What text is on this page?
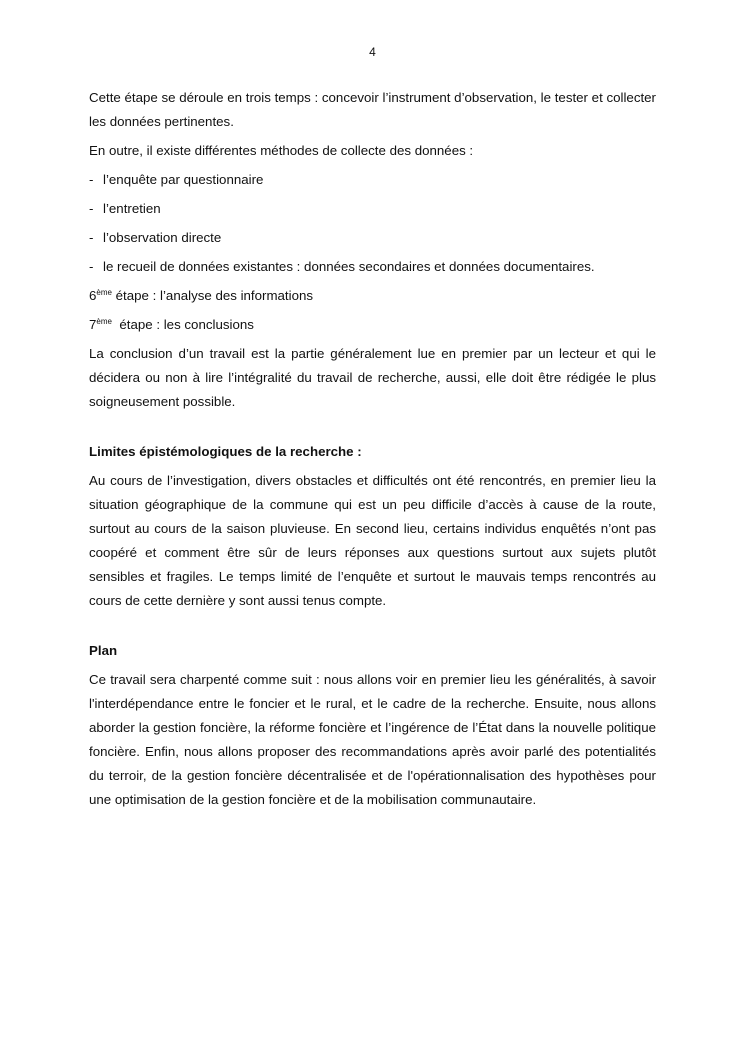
4

Cette étape se déroule en trois temps : concevoir l’instrument d’observation, le tester et collecter les données pertinentes.

En outre, il existe différentes méthodes de collecte des données :

- l’enquête par questionnaire
- l’entretien
- l’observation directe
- le recueil de données existantes : données secondaires et données documentaires.

6ème étape : l’analyse des informations

7ème  étape : les conclusions

La conclusion d’un travail est la partie généralement lue en premier par un lecteur et qui le décidera ou non à lire l’intégralité du travail de recherche, aussi, elle doit être rédigée le plus soigneusement possible.

Limites épistémologiques de la recherche :

Au cours de l’investigation, divers obstacles et difficultés ont été rencontrés, en premier lieu la situation géographique de la commune qui est un peu difficile d’accès à cause de la route, surtout au cours de la saison pluvieuse. En second lieu, certains individus enquêtés n’ont pas coopéré et comment être sûr de leurs réponses aux questions surtout aux sujets plutôt sensibles et fragiles. Le temps limité de l’enquête et surtout le mauvais temps rencontrés au cours de cette dernière y sont aussi tenus compte.

Plan

Ce travail sera charpenté comme suit : nous allons voir en premier lieu les généralités, à savoir l'interdépendance entre le foncier et le rural, et le cadre de la recherche. Ensuite, nous allons aborder la gestion foncière, la réforme foncière et l’ingérence de l’État dans la nouvelle politique foncière. Enfin, nous allons proposer des recommandations après avoir parlé des potentialités du terroir, de la gestion foncière décentralisée et de l'opérationnalisation des hypothèses pour une optimisation de la gestion foncière et de la mobilisation communautaire.
